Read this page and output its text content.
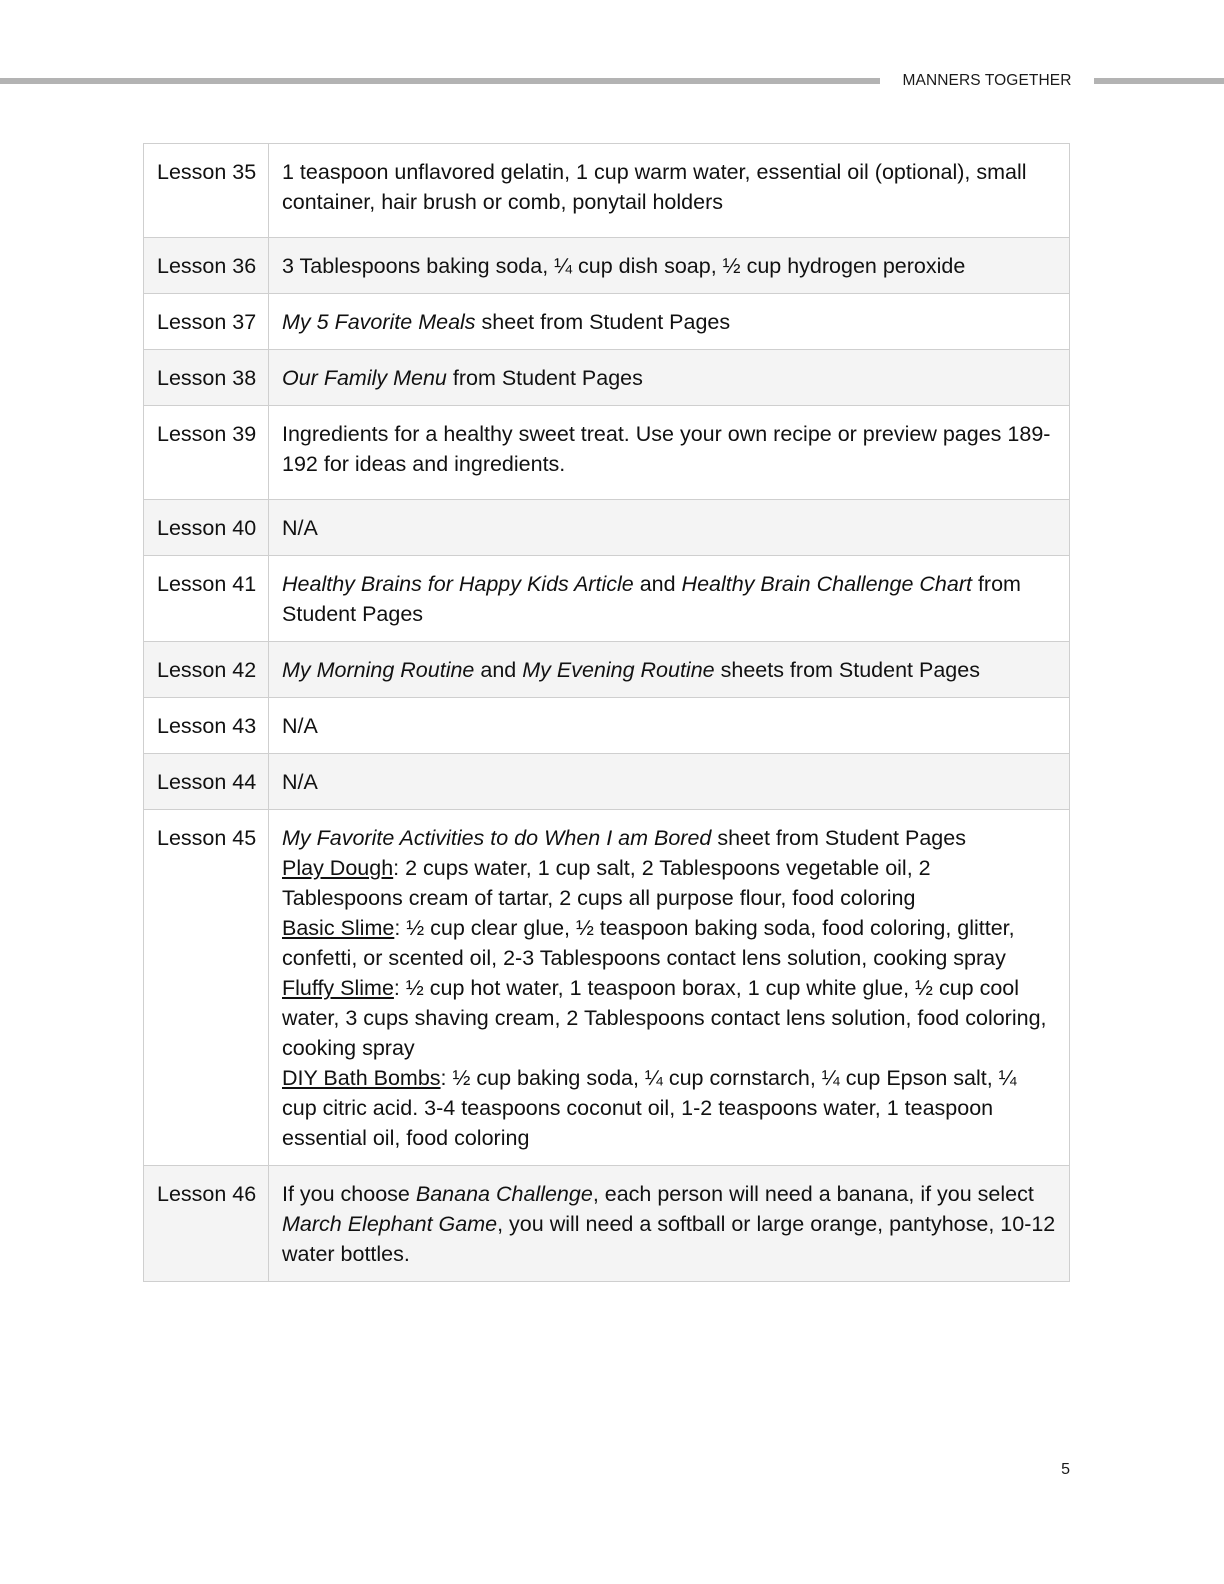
MANNERS TOGETHER
Lesson 35	1 teaspoon unflavored gelatin, 1 cup warm water, essential oil (optional), small container, hair brush or comb, ponytail holders
Lesson 36	3 Tablespoons baking soda, ¼ cup dish soap, ½ cup hydrogen peroxide
Lesson 37	My 5 Favorite Meals sheet from Student Pages
Lesson 38	Our Family Menu from Student Pages
Lesson 39	Ingredients for a healthy sweet treat. Use your own recipe or preview pages 189-192 for ideas and ingredients.
Lesson 40	N/A
Lesson 41	Healthy Brains for Happy Kids Article and Healthy Brain Challenge Chart from Student Pages
Lesson 42	My Morning Routine and My Evening Routine sheets from Student Pages
Lesson 43	N/A
Lesson 44	N/A
Lesson 45	My Favorite Activities to do When I am Bored sheet from Student Pages
Play Dough: 2 cups water, 1 cup salt, 2 Tablespoons vegetable oil, 2 Tablespoons cream of tartar, 2 cups all purpose flour, food coloring
Basic Slime: ½ cup clear glue, ½ teaspoon baking soda, food coloring, glitter, confetti, or scented oil, 2-3 Tablespoons contact lens solution, cooking spray
Fluffy Slime: ½ cup hot water, 1 teaspoon borax, 1 cup white glue, ½ cup cool water, 3 cups shaving cream, 2 Tablespoons contact lens solution, food coloring, cooking spray
DIY Bath Bombs: ½ cup baking soda, ¼ cup cornstarch, ¼ cup Epson salt, ¼ cup citric acid. 3-4 teaspoons coconut oil, 1-2 teaspoons water, 1 teaspoon essential oil, food coloring

Lesson 46	If you choose Banana Challenge, each person will need a banana, if you select March Elephant Game, you will need a softball or large orange, pantyhose, 10-12 water bottles.
5
